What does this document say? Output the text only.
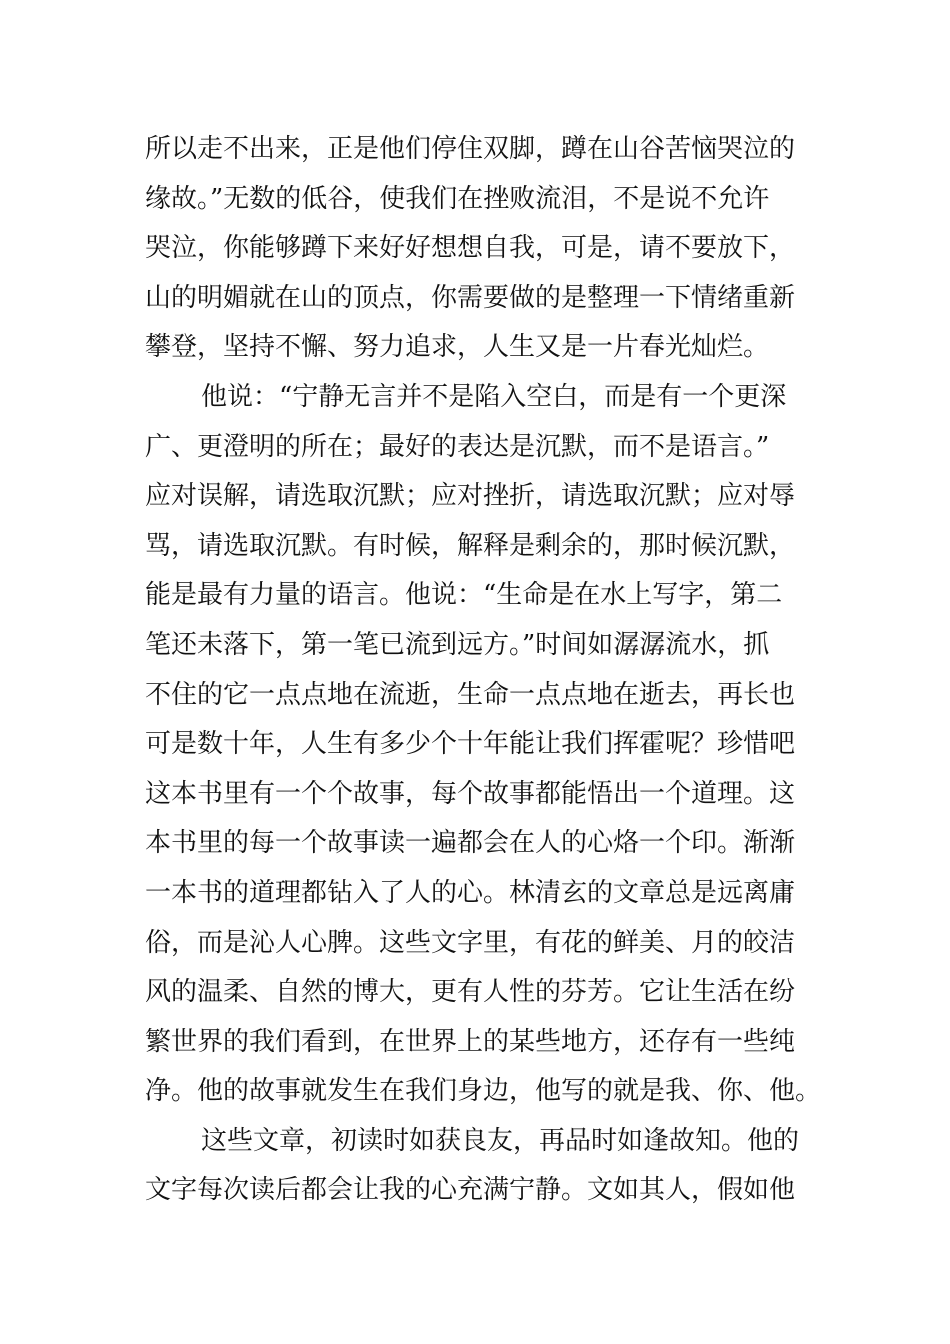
所以走不出来，正是他们停住双脚，蹲在山谷苦恼哭泣的
缘故。”无数的低谷，使我们在挫败流泪，不是说不允许
哭泣，你能够蹲下来好好想想自我，可是，请不要放下，
山的明媚就在山的顶点，你需要做的是整理一下情绪重新
攀登，坚持不懈、努力追求，人生又是一片春光灿烂。
他说：“宁静无言并不是陷入空白，而是有一个更深
广、更澄明的所在；最好的表达是沉默，而不是语言。”
应对误解，请选取沉默；应对挫折，请选取沉默；应对辱
骂，请选取沉默。有时候，解释是剩余的，那时候沉默，
能是最有力量的语言。他说：“生命是在水上写字，第二
笔还未落下，第一笔已流到远方。”时间如潺潺流水，抓
不住的它一点点地在流逝，生命一点点地在逝去，再长也
可是数十年，人生有多少个十年能让我们挥霍呢？珍惜吧
这本书里有一个个故事，每个故事都能悟出一个道理。这
本书里的每一个故事读一遍都会在人的心烙一个印。渐渐
一本书的道理都钻入了人的心。林清玄的文章总是远离庸
俗，而是沁人心脾。这些文字里，有花的鲜美、月的皎洁
风的温柔、自然的博大，更有人性的芬芳。它让生活在纷
繁世界的我们看到，在世界上的某些地方，还存有一些纯
净。他的故事就发生在我们身边，他写的就是我、你、他。
这些文章，初读时如获良友，再品时如逢故知。他的
文字每次读后都会让我的心充满宁静。文如其人，假如他
